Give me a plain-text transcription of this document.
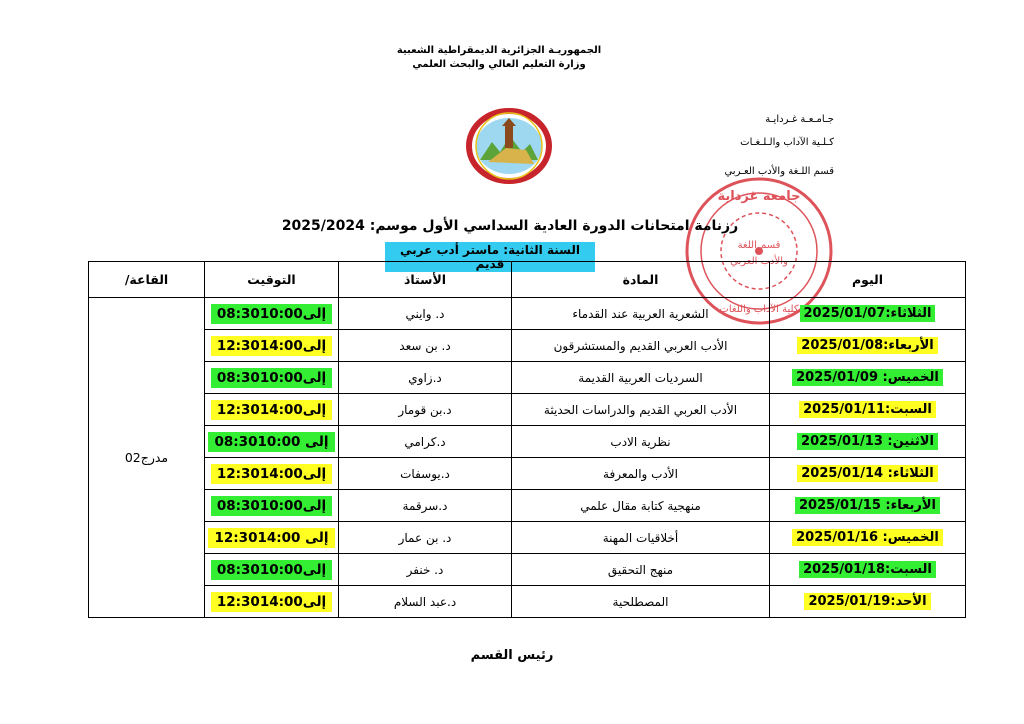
الجمهوريـة الجزائرية الديمقراطية الشعبية
وزارة التعليم العالي والبحث العلمي
جـامـعـة غـردايـة
كـلـية الآداب والـلـغـات
قسم اللـغة والأدب العـربي
جامعة غرداية
قسم اللغة
والأدب العربي
كلية الآداب واللغات
رزنامة امتحانات الدورة العادية السداسي الأول موسم: 2025/2024
السنة الثانية: ماستر أدب عربي قديم
اليوم	المادة	الأستاذ	التوقيت	القاعة/
الثلاثاء:2025/01/07	الشعرية العربية عند القدماء	د. وايني	08:30إلى10:00	مدرج02
الأربعاء:2025/01/08	الأدب العربي القديم والمستشرقون	د. بن سعد	12:30إلى14:00	
الخميس: 2025/01/09	السرديات العربية القديمة	د.زاوي	08:30إلى10:00	
السبت:2025/01/11	الأدب العربي القديم والدراسات الحديثة	د.بن قومار	12:30إلى14:00	
الاثنين: 2025/01/13	نظرية الادب	د.كرامي	08:30إلى 10:00	
الثلاثاء: 2025/01/14	الأدب والمعرفة	د.يوسفات	12:30إلى14:00	
الأربعاء: 2025/01/15	منهجية كتابة مقال علمي	د.سرقمة	08:30إلى10:00	
الخميس: 2025/01/16	أخلاقيات المهنة	د. بن عمار	12:30إلى 14:00	
السبت:2025/01/18	منهج التحقيق	د. خنفر	08:30إلى10:00	
الأحد:2025/01/19	المصطلحية	د.عبد السلام	12:30إلى14:00	
رئيس القسم
